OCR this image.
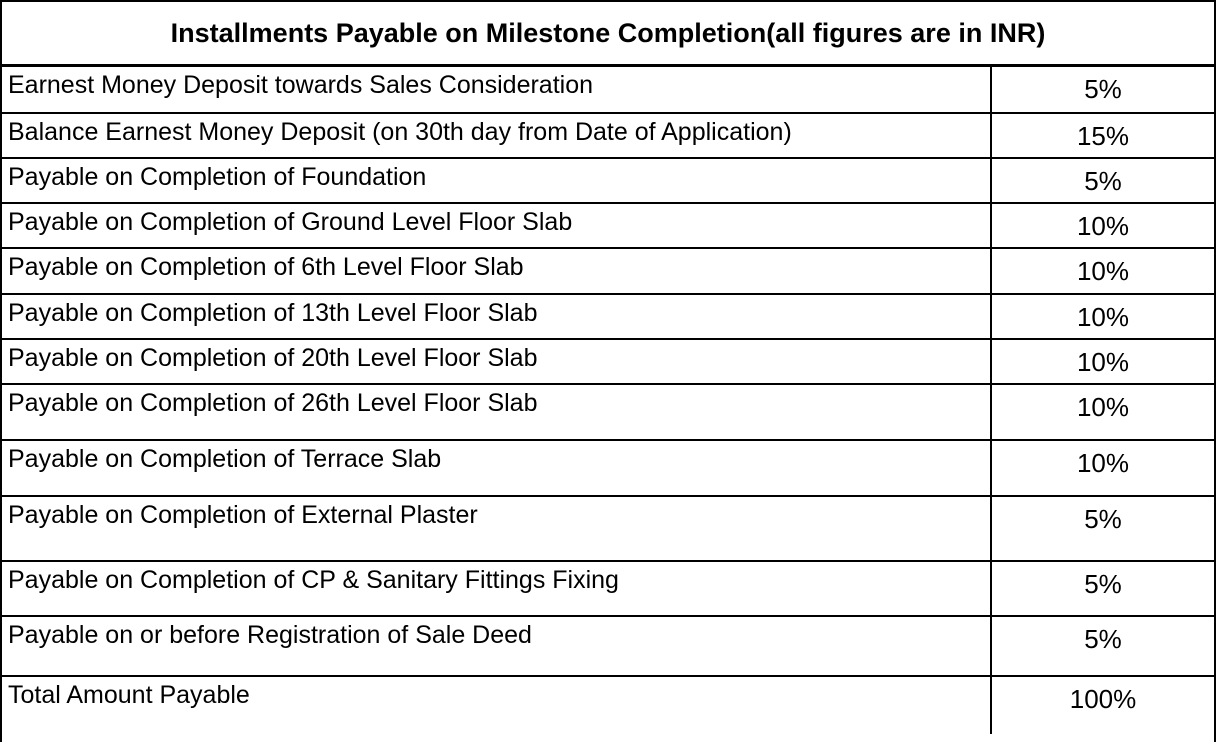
Installments Payable on Milestone Completion(all figures are in INR)
Earnest Money Deposit towards Sales Consideration	5%
Balance Earnest Money Deposit (on 30th day from Date of Application)	15%
Payable on Completion of Foundation	5%
Payable on Completion of Ground Level Floor Slab	10%
Payable on Completion of 6th Level Floor Slab	10%
Payable on Completion of 13th Level Floor Slab	10%
Payable on Completion of 20th Level Floor Slab	10%
Payable on Completion of 26th Level Floor Slab	10%
Payable on Completion of Terrace Slab	10%
Payable on Completion of External Plaster	5%
Payable on Completion of CP & Sanitary Fittings Fixing	5%
Payable on or before Registration of Sale Deed	5%
Total Amount Payable	100%
